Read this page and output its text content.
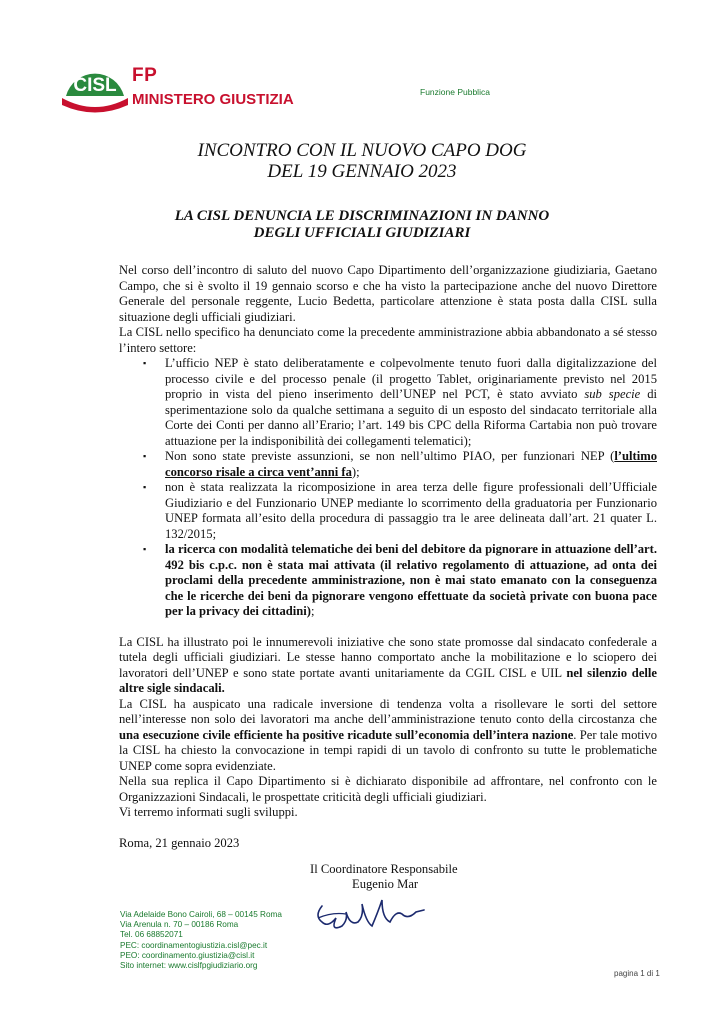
CISL FP
MINISTERO GIUSTIZIA	Funzione Pubblica
INCONTRO CON IL NUOVO CAPO DOG
DEL 19 GENNAIO 2023
LA CISL DENUNCIA LE DISCRIMINAZIONI IN DANNO
DEGLI UFFICIALI GIUDIZIARI

Nel corso dell’incontro di saluto del nuovo Capo Dipartimento dell’organizzazione giudiziaria, Gaetano Campo, che si è svolto il 19 gennaio scorso e che ha visto la partecipazione anche del nuovo Direttore Generale del personale reggente, Lucio Bedetta, particolare attenzione è stata posta dalla CISL sulla situazione degli ufficiali giudiziari.

La CISL nello specifico ha denunciato come la precedente amministrazione abbia abbandonato a sé stesso l’intero settore:

▪ L’ufficio NEP è stato deliberatamente e colpevolmente tenuto fuori dalla digitalizzazione del processo civile e del processo penale (il progetto Tablet, originariamente previsto nel 2015 proprio in vista del pieno inserimento dell’UNEP nel PCT, è stato avviato sub specie di sperimentazione solo da qualche settimana a seguito di un esposto del sindacato territoriale alla Corte dei Conti per danno all’Erario; l’art. 149 bis CPC della Riforma Cartabia non può trovare attuazione per la indisponibilità dei collegamenti telematici);
▪ Non sono state previste assunzioni, se non nell’ultimo PIAO, per funzionari NEP (l’ultimo concorso risale a circa vent’anni fa);
▪ non è stata realizzata la ricomposizione in area terza delle figure professionali dell’Ufficiale Giudiziario e del Funzionario UNEP mediante lo scorrimento della graduatoria per Funzionario UNEP formata all’esito della procedura di passaggio tra le aree delineata dall’art. 21 quater L. 132/2015;
▪ la ricerca con modalità telematiche dei beni del debitore da pignorare in attuazione dell’art. 492 bis c.p.c. non è stata mai attivata (il relativo regolamento di attuazione, ad onta dei proclami della precedente amministrazione, non è mai stato emanato con la conseguenza che le ricerche dei beni da pignorare vengono effettuate da società private con buona pace per la privacy dei cittadini);

La CISL ha illustrato poi le innumerevoli iniziative che sono state promosse dal sindacato confederale a tutela degli ufficiali giudiziari. Le stesse hanno comportato anche la mobilitazione e lo sciopero dei lavoratori dell’UNEP e sono state portate avanti unitariamente da CGIL CISL e UIL nel silenzio delle altre sigle sindacali.

La CISL ha auspicato una radicale inversione di tendenza volta a risollevare le sorti del settore nell’interesse non solo dei lavoratori ma anche dell’amministrazione tenuto conto della circostanza che una esecuzione civile efficiente ha positive ricadute sull’economia dell’intera nazione. Per tale motivo la CISL ha chiesto la convocazione in tempi rapidi di un tavolo di confronto su tutte le problematiche UNEP come sopra evidenziate.

Nella sua replica il Capo Dipartimento si è dichiarato disponibile ad affrontare, nel confronto con le Organizzazioni Sindacali, le prospettate criticità degli ufficiali giudiziari.

Vi terremo informati sugli sviluppi.

Roma, 21 gennaio 2023

Il Coordinatore Responsabile
Eugenio Mar
Via Adelaide Bono Cairoli, 68 – 00145 Roma
Via Arenula n. 70 – 00186 Roma
Tel. 06 68852071
PEC: coordinamentogiustizia.cisl@pec.it
PEO: coordinamento.giustizia@cisl.it
Sito internet: www.cislfpgiudiziario.org
pagina 1 di 1
